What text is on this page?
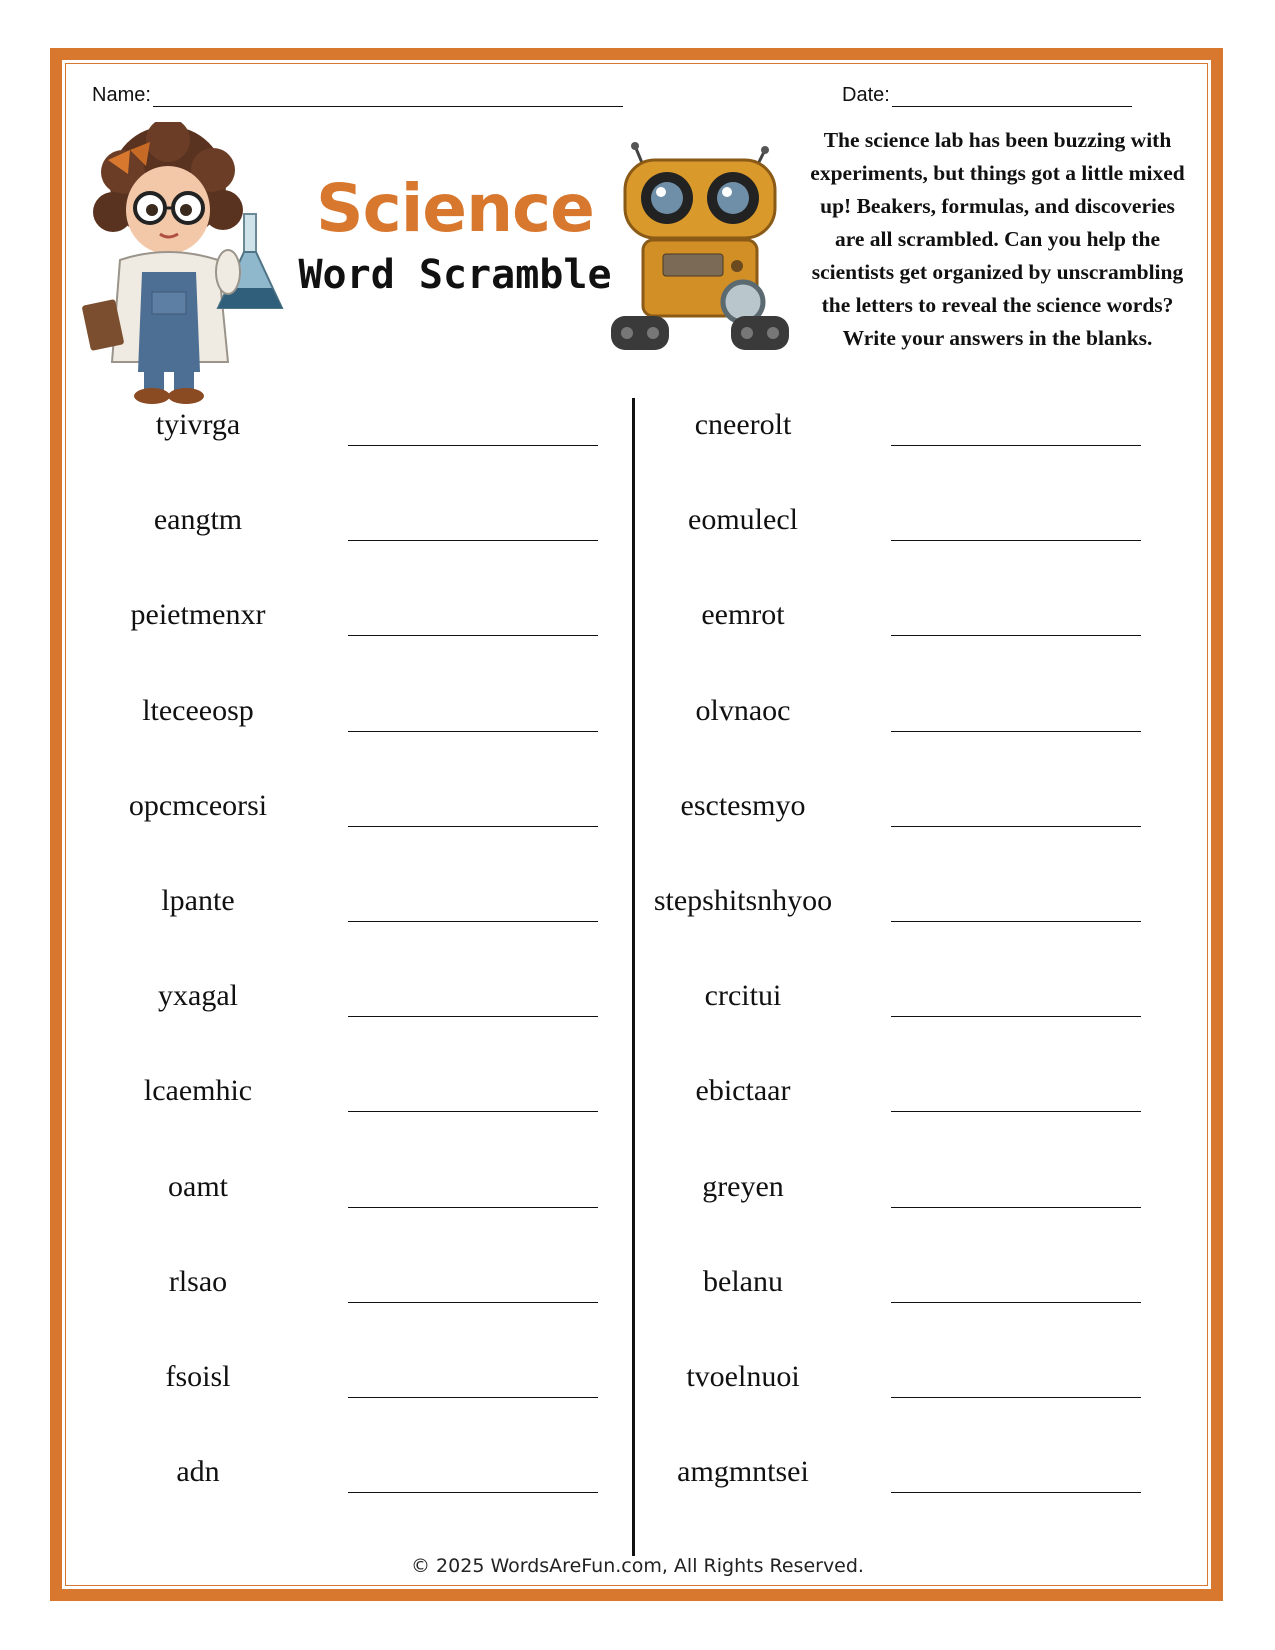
Name:	Date:
Science
Word Scramble
The science lab has been buzzing with experiments, but things got a little mixed up! Beakers, formulas, and discoveries are all scrambled. Can you help the scientists get organized by unscrambling the letters to reveal the science words? Write your answers in the blanks.
tyivrga
eangtm
peietmenxr
lteceeosp
opcmceorsi
lpante
yxagal
lcaemhic
oamt
rlsao
fsoisl
adn
cneerolt
eomulecl
eemrot
olvnaoc
esctesmyo
stepshitsnhyoo
crcitui
ebictaar
greyen
belanu
tvoelnuoi
amgmntsei
© 2025 WordsAreFun.com, All Rights Reserved.
